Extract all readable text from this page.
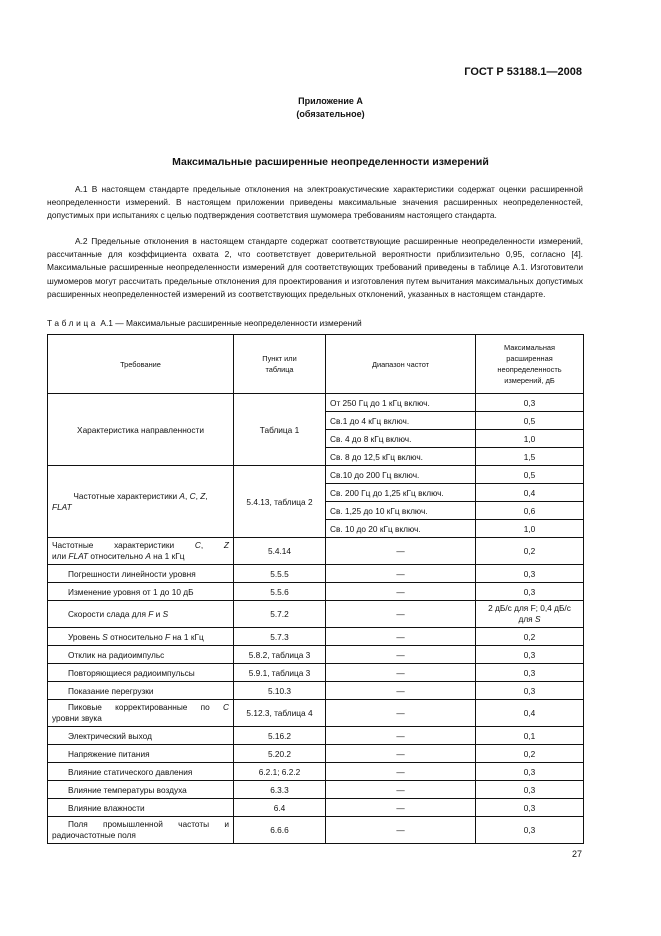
ГОСТ Р 53188.1—2008
Приложение А
(обязательное)
Максимальные расширенные неопределенности измерений

А.1 В настоящем стандарте предельные отклонения на электроакустические характеристики содержат оценки расширенной неопределенности измерений. В настоящем приложении приведены максимальные значения расширенных неопределенностей, допустимых при испытаниях с целью подтверждения соответствия шумомера требованиям настоящего стандарта.

А.2 Предельные отклонения в настоящем стандарте содержат соответствующие расширенные неопределенности измерений, рассчитанные для коэффициента охвата 2, что соответствует доверительной вероятности приблизительно 0,95, согласно [4]. Максимальные расширенные неопределенности измерений для соответствующих требований приведены в таблице А.1. Изготовители шумомеров могут рассчитать предельные отклонения для проектирования и изготовления путем вычитания максимальных допустимых расширенных неопределенностей измерений из соответствующих предельных отклонений, указанных в настоящем стандарте.

Таблица А.1 — Максимальные расширенные неопределенности измерений
Требование	Пункт или таблица	Диапазон частот	Максимальная расширенная неопределенность измерений, дБ
Характеристика направленности	Таблица 1	От 250 Гц до 1 кГц включ.	0,3
		Св.1 до 4 кГц включ.	0,5
		Св. 4 до 8 кГц включ.	1,0
		Св. 8 до 12,5 кГц включ.	1,5
Частотные характеристики A, C, Z,

FLAT	5.4.13, таблица 2	Св.10 до 200 Гц включ.	0,5
		Св. 200 Гц до 1,25 кГц включ.	0,4
		Св. 1,25 до 10 кГц включ.	0,6
		Св. 10 до 20 кГц включ.	1,0

Частотные характеристики C, Z
или FLAT относительно A на 1 кГц	5.4.14	—	0,2
Погрешности линейности уровня	5.5.5	—	0,3
Изменение уровня от 1 до 10 дБ	5.5.6	—	0,3
Скорости слада для F и S	5.7.2	—	2 дБ/с для F; 0,4 дБ/с
для S
Уровень S относительно F на 1 кГц	5.7.3	—	0,2
Отклик на радиоимпульс	5.8.2, таблица 3	—	0,3
Повторяющиеся радиоимпульсы	5.9.1, таблица 3	—	0,3
Показание перегрузки	5.10.3	—	0,3

Пиковые корректированные по C
уровни звука	5.12.3, таблица 4	—	0,4
Электрический выход	5.16.2	—	0,1
Напряжение питания	5.20.2	—	0,2
Влияние статического давления	6.2.1; 6.2.2	—	0,3
Влияние температуры воздуха	6.3.3	—	0,3
Влияние влажности	6.4	—	0,3

Поля промышленной частоты и
радиочастотные поля	6.6.6	—	0,3
27
